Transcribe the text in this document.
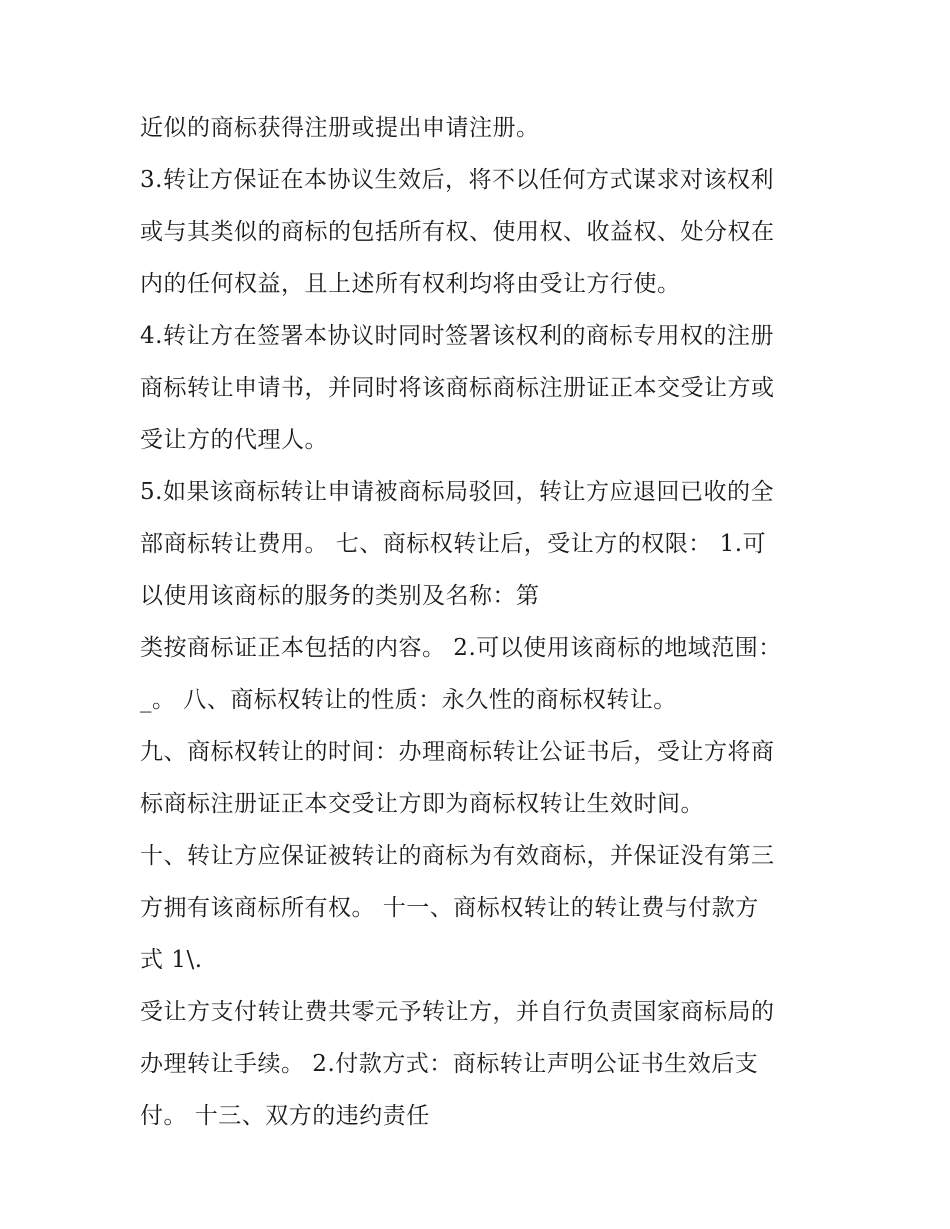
近似的商标获得注册或提出申请注册。
3.转让方保证在本协议生效后，将不以任何方式谋求对该权利
或与其类似的商标的包括所有权、使用权、收益权、处分权在
内的任何权益，且上述所有权利均将由受让方行使。
4.转让方在签署本协议时同时签署该权利的商标专用权的注册
商标转让申请书，并同时将该商标商标注册证正本交受让方或
受让方的代理人。
5.如果该商标转让申请被商标局驳回，转让方应退回已收的全
部商标转让费用。 七、商标权转让后，受让方的权限： 1.可
以使用该商标的服务的类别及名称：第
类按商标证正本包括的内容。 2.可以使用该商标的地域范围：
_。 八、商标权转让的性质：永久性的商标权转让。
九、商标权转让的时间：办理商标转让公证书后，受让方将商
标商标注册证正本交受让方即为商标权转让生效时间。
十、转让方应保证被转让的商标为有效商标，并保证没有第三
方拥有该商标所有权。 十一、商标权转让的转让费与付款方
式 1\.
受让方支付转让费共零元予转让方，并自行负责国家商标局的
办理转让手续。 2.付款方式：商标转让声明公证书生效后支
付。 十三、双方的违约责任
